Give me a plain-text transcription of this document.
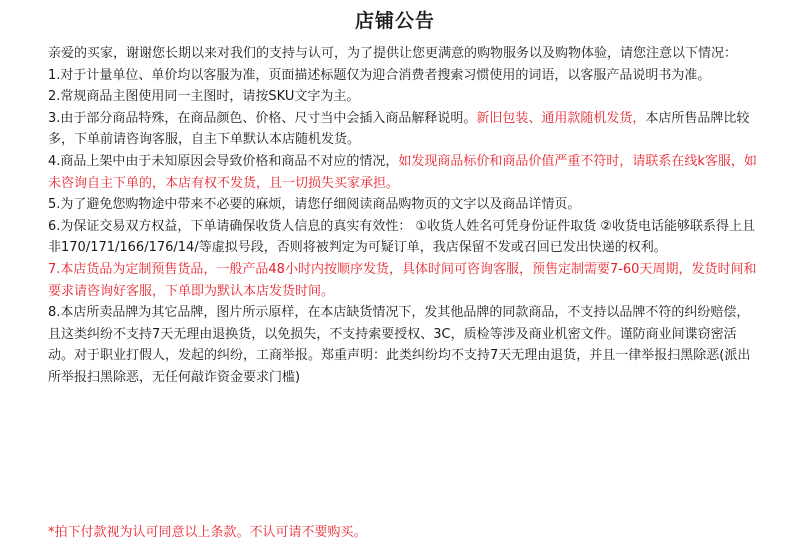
店铺公告

亲爱的买家，谢谢您长期以来对我们的支持与认可，为了提供让您更满意的购物服务以及购物体验，请您注意以下情况：

1.对于计量单位、单价均以客服为准，页面描述标题仅为迎合消费者搜索习惯使用的词语，以客服产品说明书为准。

2.常规商品主图使用同一主图时，请按SKU文字为主。

3.由于部分商品特殊，在商品颜色、价格、尺寸当中会插入商品解释说明。新旧包装、通用款随机发货，本店所售品牌比较多，下单前请咨询客服，自主下单默认本店随机发货。

4.商品上架中由于未知原因会导致价格和商品不对应的情况，如发现商品标价和商品价值严重不符时，请联系在线k客服，如未咨询自主下单的，本店有权不发货，且一切损失买家承担。

5.为了避免您购物途中带来不必要的麻烦，请您仔细阅读商品购物页的文字以及商品详情页。

6.为保证交易双方权益，下单请确保收货人信息的真实有效性： ①收货人姓名可凭身份证件取货 ②收货电话能够联系得上且非170/171/166/176/14/等虚拟号段，否则将被判定为可疑订单，我店保留不发或召回已发出快递的权利。

7.本店货品为定制预售货品，一般产品48小时内按顺序发货，具体时间可咨询客服，预售定制需要7-60天周期，发货时间和要求请咨询好客服，下单即为默认本店发货时间。

8.本店所卖品牌为其它品牌，图片所示原样，在本店缺货情况下，发其他品牌的同款商品，不支持以品牌不符的纠纷赔偿，且这类纠纷不支持7天无理由退换货，以免损失，不支持索要授权、3C，质检等涉及商业机密文件。谨防商业间谍窃密活动。对于职业打假人，发起的纠纷，工商举报。郑重声明：此类纠纷均不支持7天无理由退货，并且一律举报扫黑除恶(派出所举报扫黑除恶，无任何敲诈资金要求门槛)

*拍下付款视为认可同意以上条款。不认可请不要购买。
